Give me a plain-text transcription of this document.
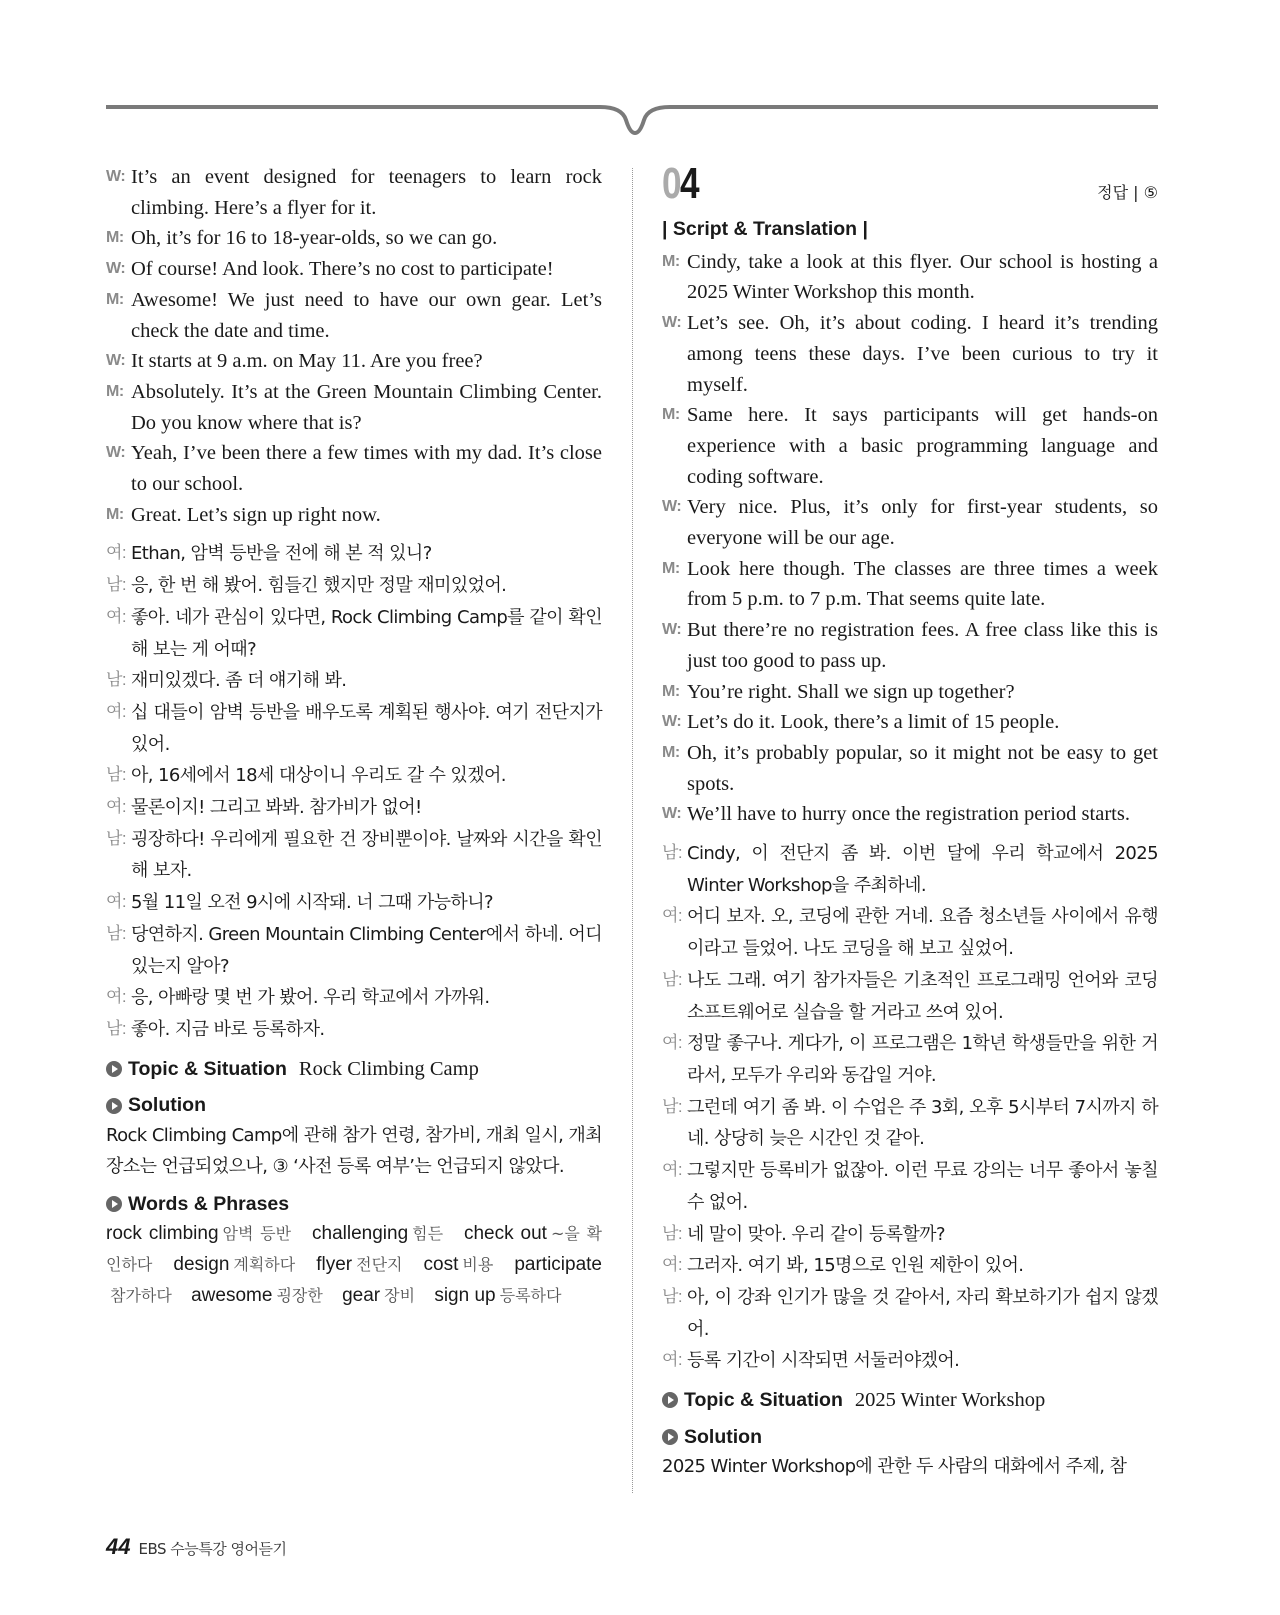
W: It’s an event designed for teenagers to learn rock climbing. Here’s a flyer for it.
M: Oh, it’s for 16 to 18-year-olds, so we can go.
W: Of course! And look. There’s no cost to participate!
M: Awesome! We just need to have our own gear. Let’s check the date and time.
W: It starts at 9 a.m. on May 11. Are you free?
M: Absolutely. It’s at the Green Mountain Climbing Center. Do you know where that is?
W: Yeah, I’ve been there a few times with my dad. It’s close to our school.
M: Great. Let’s sign up right now.
여: Ethan, 암벽 등반을 전에 해 본 적 있니?
남: 응, 한 번 해 봤어. 힘들긴 했지만 정말 재미있었어.
여: 좋아. 네가 관심이 있다면, Rock Climbing Camp를 같이 확인해 보는 게 어때?
남: 재미있겠다. 좀 더 얘기해 봐.
여: 십 대들이 암벽 등반을 배우도록 계획된 행사야. 여기 전단지가 있어.
남: 아, 16세에서 18세 대상이니 우리도 갈 수 있겠어.
여: 물론이지! 그리고 봐봐. 참가비가 없어!
남: 굉장하다! 우리에게 필요한 건 장비뿐이야. 날짜와 시간을 확인해 보자.
여: 5월 11일 오전 9시에 시작돼. 너 그때 가능하니?
남: 당연하지. Green Mountain Climbing Center에서 하네. 어디 있는지 알아?
여: 응, 아빠랑 몇 번 가 봤어. 우리 학교에서 가까워.
남: 좋아. 지금 바로 등록하자.
Topic & Situation Rock Climbing Camp
Solution
Rock Climbing Camp에 관해 참가 연령, 참가비, 개최 일시, 개최 장소는 언급되었으나, ③ ‘사전 등록 여부’는 언급되지 않았다.
Words & Phrases
rock climbing 암벽 등반 challenging 힘든 check out ~을 확인하다 design 계획하다 flyer 전단지 cost 비용 participate참가하다 awesome 굉장한 gear 장비 sign up 등록하다
04	정답 | ⑤
| Script & Translation |
M: Cindy, take a look at this flyer. Our school is hosting a 2025 Winter Workshop this month.
W: Let’s see. Oh, it’s about coding. I heard it’s trending among teens these days. I’ve been curious to try it myself.
M: Same here. It says participants will get hands-on experience with a basic programming language and coding software.
W: Very nice. Plus, it’s only for first-year students, so everyone will be our age.
M: Look here though. The classes are three times a week from 5 p.m. to 7 p.m. That seems quite late.
W: But there’re no registration fees. A free class like this is just too good to pass up.
M: You’re right. Shall we sign up together?
W: Let’s do it. Look, there’s a limit of 15 people.
M: Oh, it’s probably popular, so it might not be easy to get spots.
W: We’ll have to hurry once the registration period starts.
남: Cindy, 이 전단지 좀 봐. 이번 달에 우리 학교에서 2025 Winter Workshop을 주최하네.
여: 어디 보자. 오, 코딩에 관한 거네. 요즘 청소년들 사이에서 유행이라고 들었어. 나도 코딩을 해 보고 싶었어.
남: 나도 그래. 여기 참가자들은 기초적인 프로그래밍 언어와 코딩 소프트웨어로 실습을 할 거라고 쓰여 있어.
여: 정말 좋구나. 게다가, 이 프로그램은 1학년 학생들만을 위한 거라서, 모두가 우리와 동갑일 거야.
남: 그런데 여기 좀 봐. 이 수업은 주 3회, 오후 5시부터 7시까지 하네. 상당히 늦은 시간인 것 같아.
여: 그렇지만 등록비가 없잖아. 이런 무료 강의는 너무 좋아서 놓칠 수 없어.
남: 네 말이 맞아. 우리 같이 등록할까?
여: 그러자. 여기 봐, 15명으로 인원 제한이 있어.
남: 아, 이 강좌 인기가 많을 것 같아서, 자리 확보하기가 쉽지 않겠어.
여: 등록 기간이 시작되면 서둘러야겠어.
Topic & Situation 2025 Winter Workshop
Solution
2025 Winter Workshop에 관한 두 사람의 대화에서 주제, 참
44 EBS 수능특강 영어듣기
